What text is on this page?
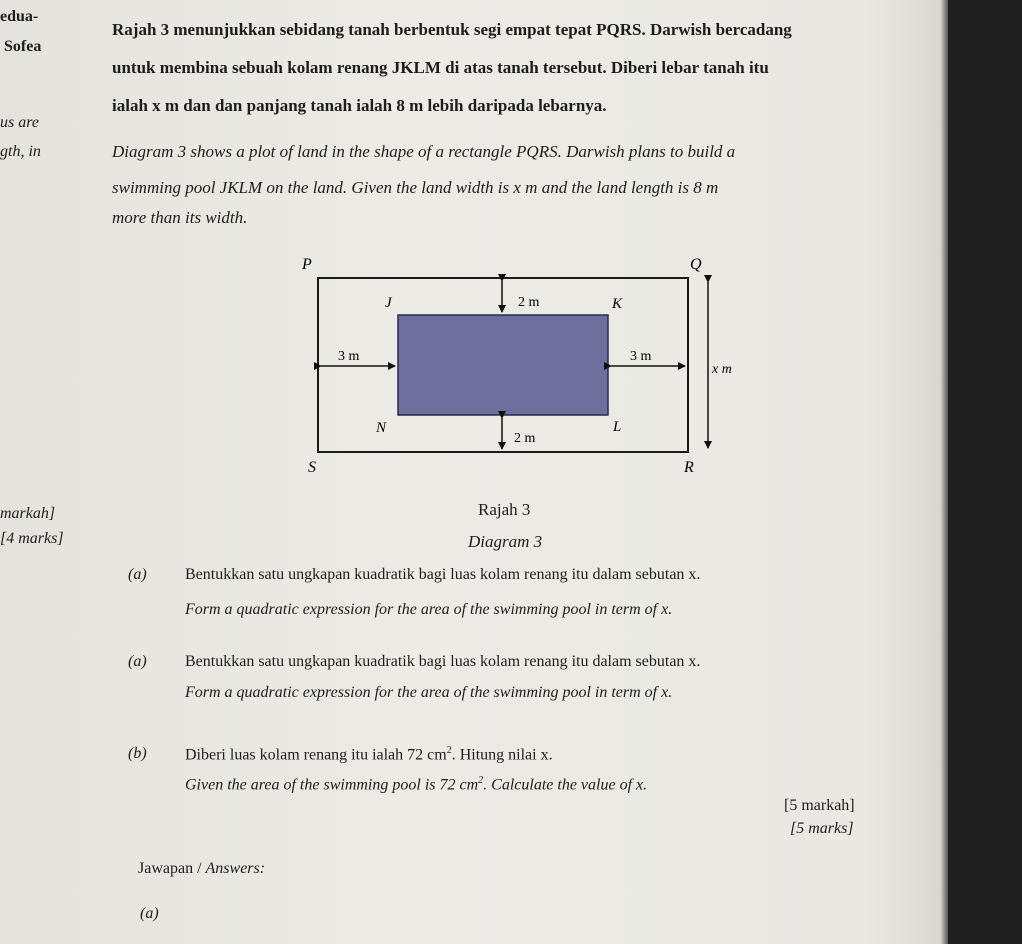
edua-
Sofea
us are
gth, in
markah]
[4 marks]
Rajah 3 menunjukkan sebidang tanah berbentuk segi empat tepat PQRS. Darwish bercadang
untuk membina sebuah kolam renang JKLM di atas tanah tersebut. Diberi lebar tanah itu
ialah x m dan dan panjang tanah ialah 8 m lebih daripada lebarnya.
Diagram 3 shows a plot of land in the shape of a rectangle PQRS. Darwish plans to build a
swimming pool JKLM on the land. Given the land width is x m and the land length is 8 m
more than its width.
P	Q
R
S
J	K
L
N
2 m
2 m
3 m	3 m
x m
Rajah 3
Diagram 3
(a) Bentukkan satu ungkapan kuadratik bagi luas kolam renang itu dalam sebutan x.
Form a quadratic expression for the area of the swimming pool in term of x.
(a) Bentukkan satu ungkapan kuadratik bagi luas kolam renang itu dalam sebutan x.
Form a quadratic expression for the area of the swimming pool in term of x.
(b) Diberi luas kolam renang itu ialah 72 $cm^2$. Hitung nilai x.
Given the area of the swimming pool is 72 $cm^2$. Calculate the value of x.
[5 markah]
[5 marks]
Jawapan / Answers:
(a)
